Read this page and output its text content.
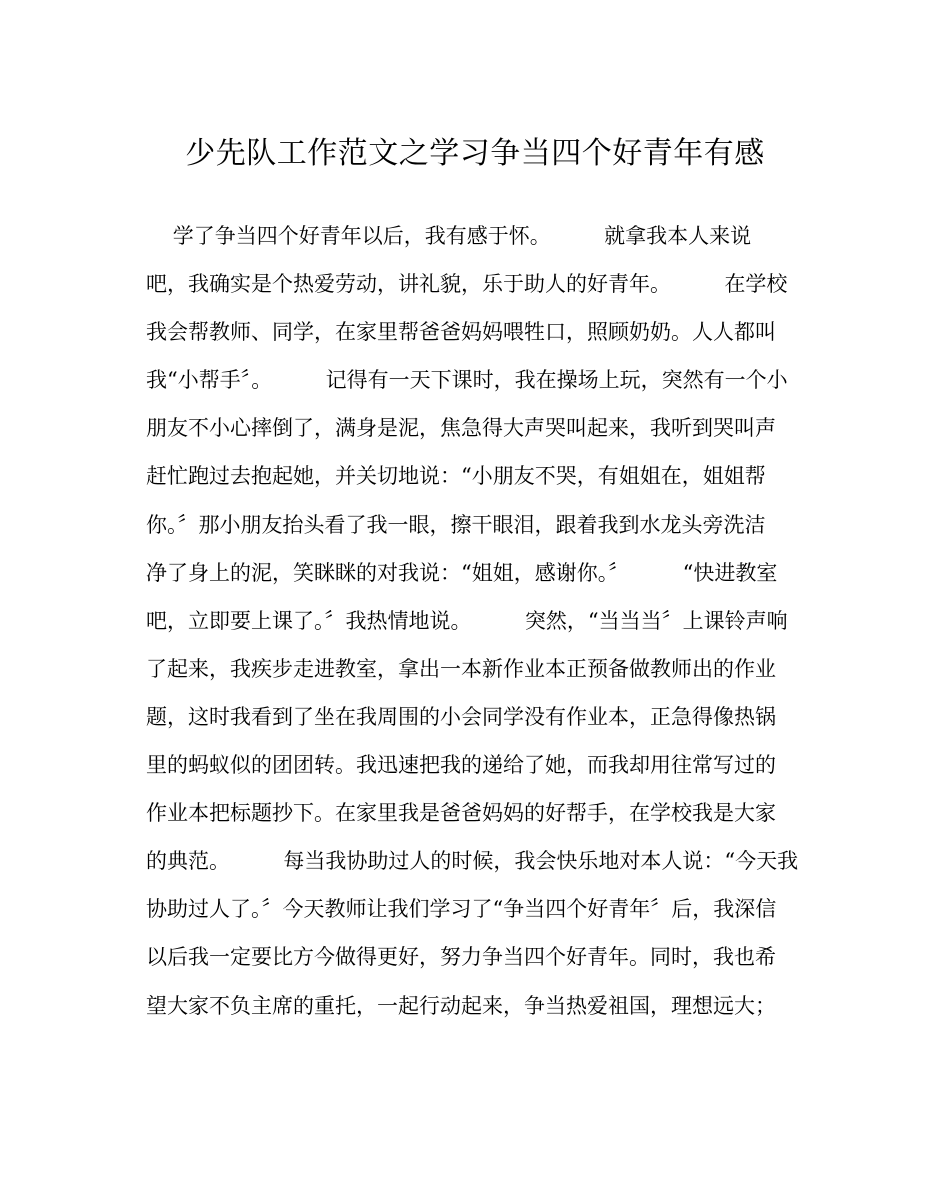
少先队工作范文之学习争当四个好青年有感
学了争当四个好青年以后，我有感于怀。        就拿我本人来说
吧，我确实是个热爱劳动，讲礼貌，乐于助人的好青年。        在学校
我会帮教师、同学，在家里帮爸爸妈妈喂牲口，照顾奶奶。人人都叫
我“小帮手〞。        记得有一天下课时，我在操场上玩，突然有一个小
朋友不小心摔倒了，满身是泥，焦急得大声哭叫起来，我听到哭叫声
赶忙跑过去抱起她，并关切地说：“小朋友不哭，有姐姐在，姐姐帮
你。〞那小朋友抬头看了我一眼，擦干眼泪，跟着我到水龙头旁洗洁
净了身上的泥，笑眯眯的对我说：“姐姐，感谢你。〞        “快进教室
吧，立即要上课了。〞我热情地说。        突然，“当当当〞上课铃声响
了起来，我疾步走进教室，拿出一本新作业本正预备做教师出的作业
题，这时我看到了坐在我周围的小会同学没有作业本，正急得像热锅
里的蚂蚁似的团团转。我迅速把我的递给了她，而我却用往常写过的
作业本把标题抄下。在家里我是爸爸妈妈的好帮手，在学校我是大家
的典范。        每当我协助过人的时候，我会快乐地对本人说：“今天我
协助过人了。〞今天教师让我们学习了“争当四个好青年〞后，我深信
以后我一定要比方今做得更好，努力争当四个好青年。同时，我也希
望大家不负主席的重托，一起行动起来，争当热爱祖国，理想远大；
